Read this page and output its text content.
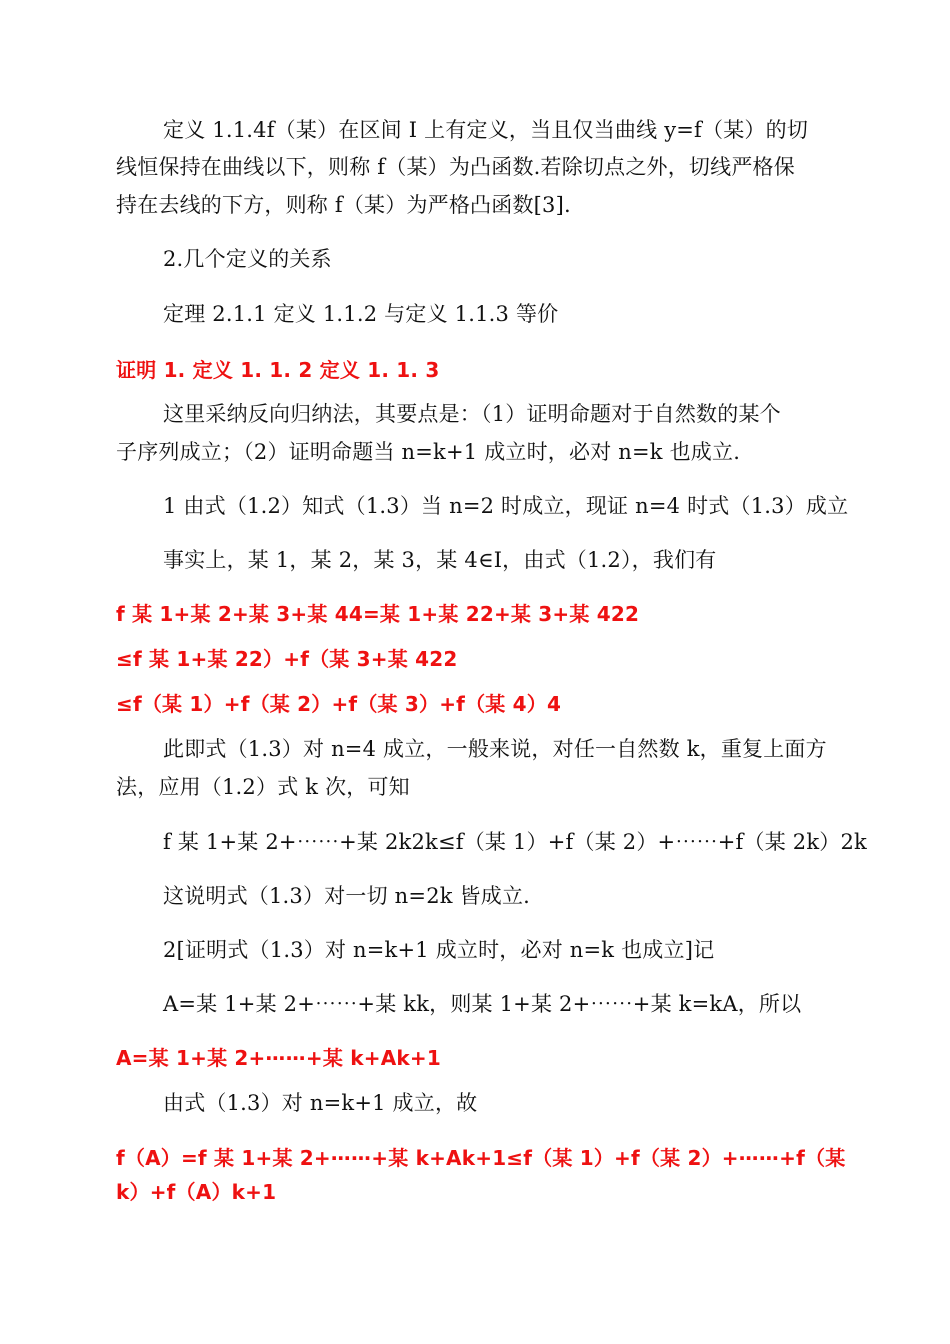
定义 1.1.4f（某）在区间 I 上有定义，当且仅当曲线 y=f（某）的切
线恒保持在曲线以下，则称 f（某）为凸函数.若除切点之外，切线严格保
持在去线的下方，则称 f（某）为严格凸函数[3].
2.几个定义的关系
定理 2.1.1 定义 1.1.2 与定义 1.1.3 等价
证明 1. 定义 1. 1. 2 定义 1. 1. 3
这里采纳反向归纳法，其要点是：（1）证明命题对于自然数的某个
子序列成立；（2）证明命题当 n=k+1 成立时，必对 n=k 也成立.
1 由式（1.2）知式（1.3）当 n=2 时成立，现证 n=4 时式（1.3）成立
事实上，某 1，某 2，某 3，某 4∈I，由式（1.2），我们有
f 某 1+某 2+某 3+某 44=某 1+某 22+某 3+某 422
≤f 某 1+某 22）+f（某 3+某 422
≤f（某 1）+f（某 2）+f（某 3）+f（某 4）4
此即式（1.3）对 n=4 成立，一般来说，对任一自然数 k，重复上面方
法，应用（1.2）式 k 次，可知
f 某 1+某 2+⋯⋯+某 2k2k≤f（某 1）+f（某 2）+⋯⋯+f（某 2k）2k
这说明式（1.3）对一切 n=2k 皆成立.
2[证明式（1.3）对 n=k+1 成立时，必对 n=k 也成立]记
A=某 1+某 2+⋯⋯+某 kk，则某 1+某 2+⋯⋯+某 k=kA，所以
A=某 1+某 2+⋯⋯+某 k+Ak+1
由式（1.3）对 n=k+1 成立，故
f（A）=f 某 1+某 2+⋯⋯+某 k+Ak+1≤f（某 1）+f（某 2）+⋯⋯+f（某
k）+f（A）k+1
